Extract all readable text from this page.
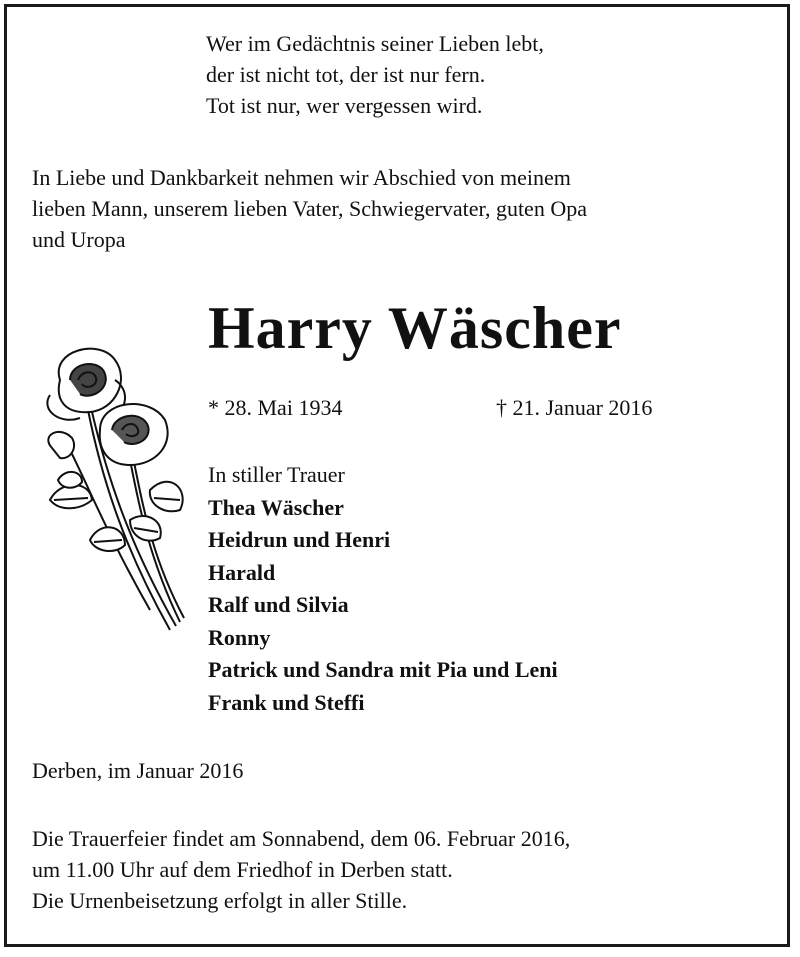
Wer im Gedächtnis seiner Lieben lebt,
der ist nicht tot, der ist nur fern.
Tot ist nur, wer vergessen wird.
In Liebe und Dankbarkeit nehmen wir Abschied von meinem
lieben Mann, unserem lieben Vater, Schwiegervater, guten Opa
und Uropa
Harry Wäscher
* 28. Mai 1934	† 21. Januar 2016
In stiller Trauer
Thea Wäscher
Heidrun und Henri
Harald
Ralf und Silvia
Ronny
Patrick und Sandra mit Pia und Leni
Frank und Steffi
Derben, im Januar 2016
Die Trauerfeier findet am Sonnabend, dem 06. Februar 2016,
um 11.00 Uhr auf dem Friedhof in Derben statt.
Die Urnenbeisetzung erfolgt in aller Stille.
